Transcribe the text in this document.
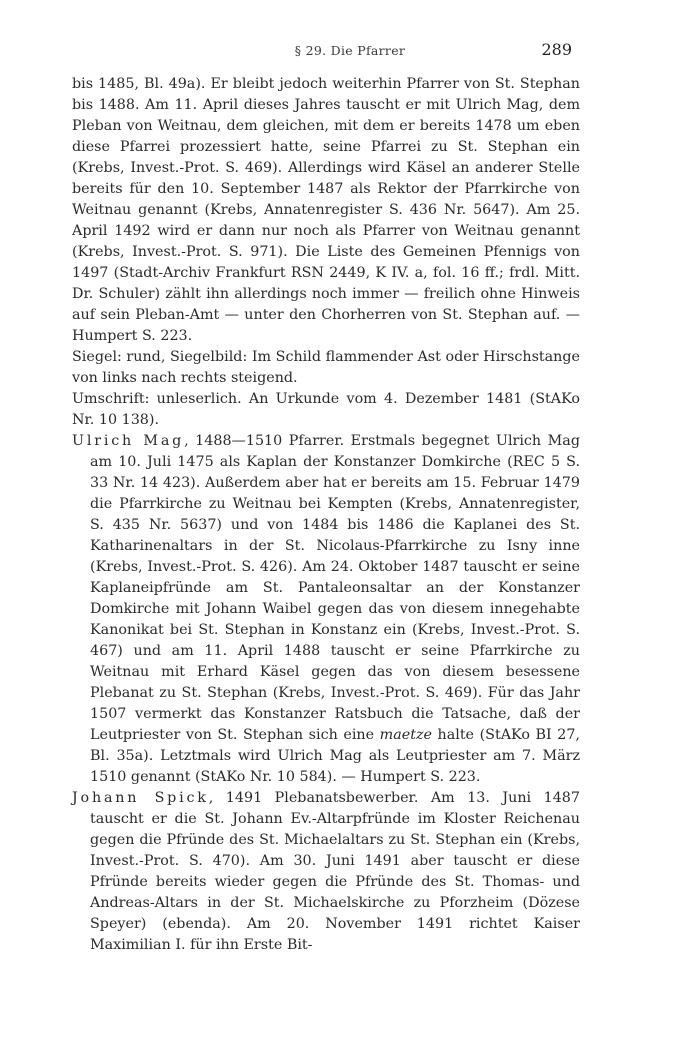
§ 29. Die Pfarrer	289

bis 1485, Bl. 49a). Er bleibt jedoch weiterhin Pfarrer von St. Stephan bis 1488. Am 11. April dieses Jahres tauscht er mit Ulrich Mag, dem Pleban von Weitnau, dem gleichen, mit dem er bereits 1478 um eben diese Pfarrei prozessiert hatte, seine Pfarrei zu St. Stephan ein (Krebs, Invest.-Prot. S. 469). Allerdings wird Käsel an anderer Stelle bereits für den 10. September 1487 als Rektor der Pfarrkirche von Weitnau genannt (Krebs, Annatenregister S. 436 Nr. 5647). Am 25. April 1492 wird er dann nur noch als Pfarrer von Weitnau genannt (Krebs, Invest.-Prot. S. 971). Die Liste des Gemeinen Pfennigs von 1497 (Stadt-Archiv Frankfurt RSN 2449, K IV. a, fol. 16 ff.; frdl. Mitt. Dr. Schuler) zählt ihn allerdings noch immer — freilich ohne Hinweis auf sein Pleban-Amt — unter den Chorherren von St. Stephan auf. — Humpert S. 223.

Siegel: rund, Siegelbild: Im Schild flammender Ast oder Hirschstange von links nach rechts steigend.

Umschrift: unleserlich. An Urkunde vom 4. Dezember 1481 (StAKo Nr. 10 138).

Ulrich Mag, 1488—1510 Pfarrer. Erstmals begegnet Ulrich Mag am 10. Juli 1475 als Kaplan der Konstanzer Domkirche (REC 5 S. 33 Nr. 14 423). Außerdem aber hat er bereits am 15. Februar 1479 die Pfarrkirche zu Weitnau bei Kempten (Krebs, Annatenregister, S. 435 Nr. 5637) und von 1484 bis 1486 die Kaplanei des St. Katharinenaltars in der St. Nicolaus-Pfarrkirche zu Isny inne (Krebs, Invest.-Prot. S. 426). Am 24. Oktober 1487 tauscht er seine Kaplaneipfründe am St. Pantaleonsaltar an der Konstanzer Domkirche mit Johann Waibel gegen das von diesem innegehabte Kanonikat bei St. Stephan in Konstanz ein (Krebs, Invest.-Prot. S. 467) und am 11. April 1488 tauscht er seine Pfarrkirche zu Weitnau mit Erhard Käsel gegen das von diesem besessene Plebanat zu St. Stephan (Krebs, Invest.-Prot. S. 469). Für das Jahr 1507 vermerkt das Konstanzer Ratsbuch die Tatsache, daß der Leutpriester von St. Stephan sich eine maetze halte (StAKo BI 27, Bl. 35a). Letztmals wird Ulrich Mag als Leutpriester am 7. März 1510 genannt (StAKo Nr. 10 584). — Humpert S. 223.

Johann Spick, 1491 Plebanatsbewerber. Am 13. Juni 1487 tauscht er die St. Johann Ev.-Altarpfründe im Kloster Reichenau gegen die Pfründe des St. Michaelaltars zu St. Stephan ein (Krebs, Invest.-Prot. S. 470). Am 30. Juni 1491 aber tauscht er diese Pfründe bereits wieder gegen die Pfründe des St. Thomas- und Andreas-Altars in der St. Michaelskirche zu Pforzheim (Dözese Speyer) (ebenda). Am 20. November 1491 richtet Kaiser Maximilian I. für ihn Erste Bit-
